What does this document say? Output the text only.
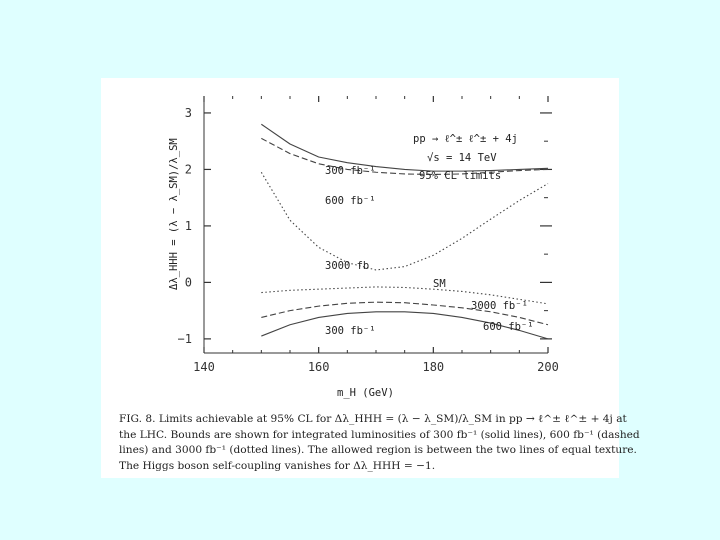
pp → ℓ^± ℓ^± + 4j
√s = 14 TeV
95% CL limits
SM
300 fb⁻¹
600 fb⁻¹
3000 fb
3000 fb⁻¹
600 fb⁻¹
300 fb⁻¹
Δλ_HHH = (λ − λ_SM)/λ_SM
m_H (GeV)
140	160	180	200
−1
0
1
2
3
FIG. 8. Limits achievable at 95% CL for Δλ_HHH = (λ − λ_SM)/λ_SM in pp → ℓ^± ℓ^± + 4j at
the LHC. Bounds are shown for integrated luminosities of 300 fb⁻¹ (solid lines), 600 fb⁻¹ (dashed
lines) and 3000 fb⁻¹ (dotted lines). The allowed region is between the two lines of equal texture.
The Higgs boson self-coupling vanishes for Δλ_HHH = −1.
